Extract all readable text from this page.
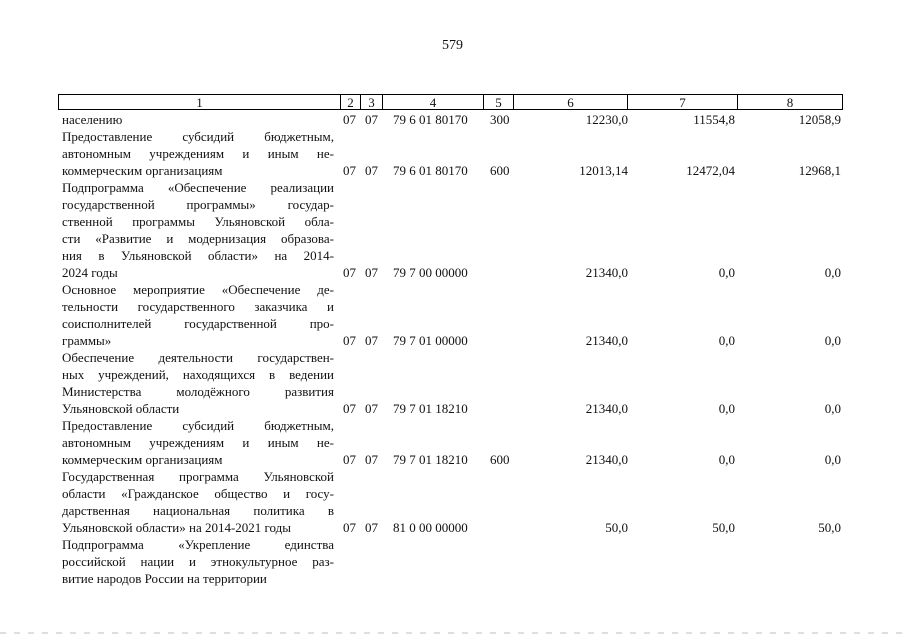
579
1	2	3	4	5	6	7	8
населению	07 07 79 6 01 80170 300	12230,0	11554,8	12058,9
Предоставление субсидий бюджетным,
автономным учреждениям и иным не-
коммерческим организациям	07 07 79 6 01 80170 600	12013,14	12472,04	12968,1
Подпрограмма «Обеспечение реализации
государственной программы» государ-
ственной программы Ульяновской обла-
сти «Развитие и модернизация образова-
ния в Ульяновской области» на 2014-
2024 годы	07 07 79 7 00 00000	21340,0	0,0	0,0
Основное мероприятие «Обеспечение де-
тельности государственного заказчика и
соисполнителей государственной про-
граммы»	07 07 79 7 01 00000	21340,0	0,0	0,0
Обеспечение деятельности государствен-
ных учреждений, находящихся в ведении
Министерства молодёжного развития
Ульяновской области	07 07 79 7 01 18210	21340,0	0,0	0,0
Предоставление субсидий бюджетным,
автономным учреждениям и иным не-
коммерческим организациям	07 07 79 7 01 18210 600	21340,0	0,0	0,0
Государственная программа Ульяновской
области «Гражданское общество и госу-
дарственная национальная политика в
Ульяновской области» на 2014-2021 годы	07 07 81 0 00 00000	50,0	50,0	50,0
Подпрограмма «Укрепление единства
российской нации и этнокультурное раз-
витие народов России на территории
